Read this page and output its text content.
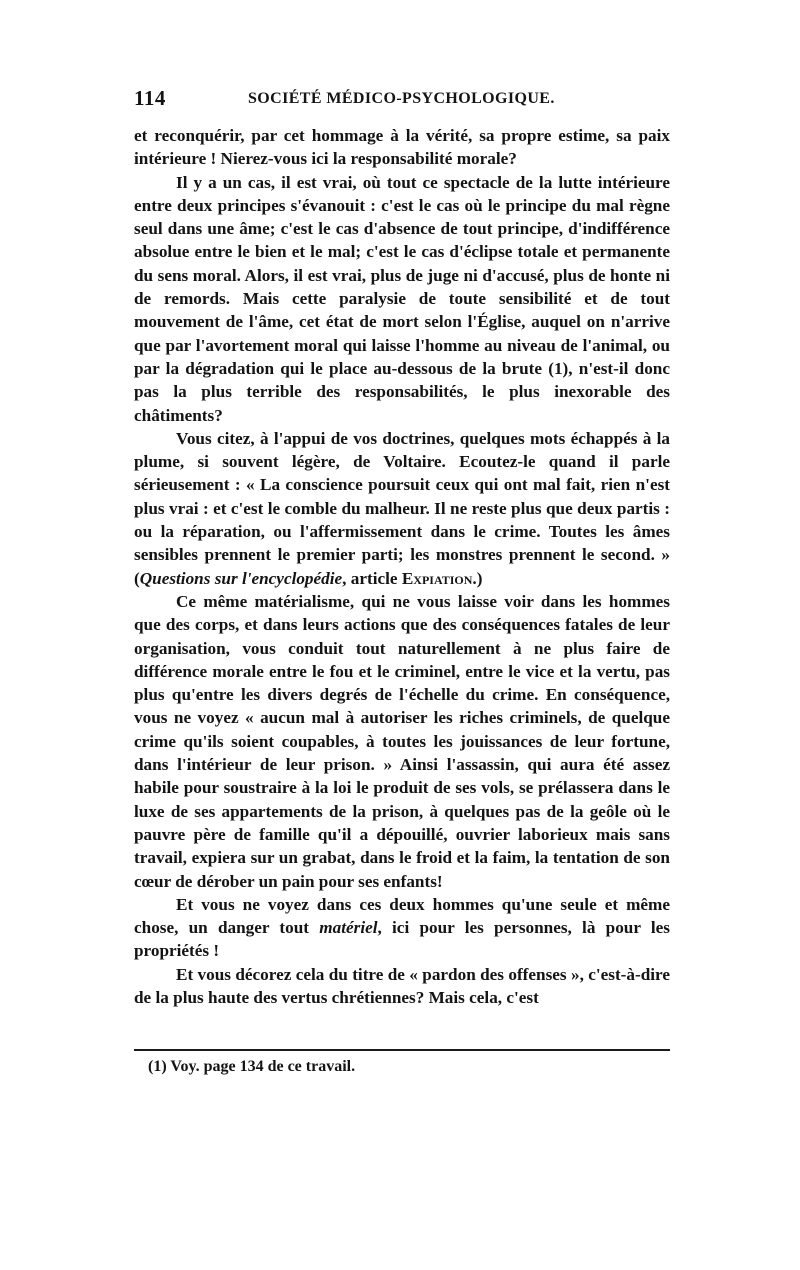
114	SOCIÉTÉ MÉDICO-PSYCHOLOGIQUE.

et reconquérir, par cet hommage à la vérité, sa propre estime, sa paix intérieure ! Nierez-vous ici la responsabilité morale?

Il y a un cas, il est vrai, où tout ce spectacle de la lutte intérieure entre deux principes s'évanouit : c'est le cas où le principe du mal règne seul dans une âme; c'est le cas d'absence de tout principe, d'indifférence absolue entre le bien et le mal; c'est le cas d'éclipse totale et permanente du sens moral. Alors, il est vrai, plus de juge ni d'accusé, plus de honte ni de remords. Mais cette paralysie de toute sensibilité et de tout mouvement de l'âme, cet état de mort selon l'Église, auquel on n'arrive que par l'avortement moral qui laisse l'homme au niveau de l'animal, ou par la dégradation qui le place au-dessous de la brute (1), n'est-il donc pas la plus terrible des responsabilités, le plus inexorable des châtiments?

Vous citez, à l'appui de vos doctrines, quelques mots échappés à la plume, si souvent légère, de Voltaire. Ecoutez-le quand il parle sérieusement : « La conscience poursuit ceux qui ont mal fait, rien n'est plus vrai : et c'est le comble du malheur. Il ne reste plus que deux partis : ou la réparation, ou l'affermissement dans le crime. Toutes les âmes sensibles prennent le premier parti; les monstres prennent le second. » (Questions sur l'encyclopédie, article Expiation.)

Ce même matérialisme, qui ne vous laisse voir dans les hommes que des corps, et dans leurs actions que des conséquences fatales de leur organisation, vous conduit tout naturellement à ne plus faire de différence morale entre le fou et le criminel, entre le vice et la vertu, pas plus qu'entre les divers degrés de l'échelle du crime. En conséquence, vous ne voyez « aucun mal à autoriser les riches criminels, de quelque crime qu'ils soient coupables, à toutes les jouissances de leur fortune, dans l'intérieur de leur prison. » Ainsi l'assassin, qui aura été assez habile pour soustraire à la loi le produit de ses vols, se prélassera dans le luxe de ses appartements de la prison, à quelques pas de la geôle où le pauvre père de famille qu'il a dépouillé, ouvrier laborieux mais sans travail, expiera sur un grabat, dans le froid et la faim, la tentation de son cœur de dérober un pain pour ses enfants!

Et vous ne voyez dans ces deux hommes qu'une seule et même chose, un danger tout matériel, ici pour les personnes, là pour les propriétés !

Et vous décorez cela du titre de « pardon des offenses », c'est-à-dire de la plus haute des vertus chrétiennes? Mais cela, c'est

(1) Voy. page 134 de ce travail.
